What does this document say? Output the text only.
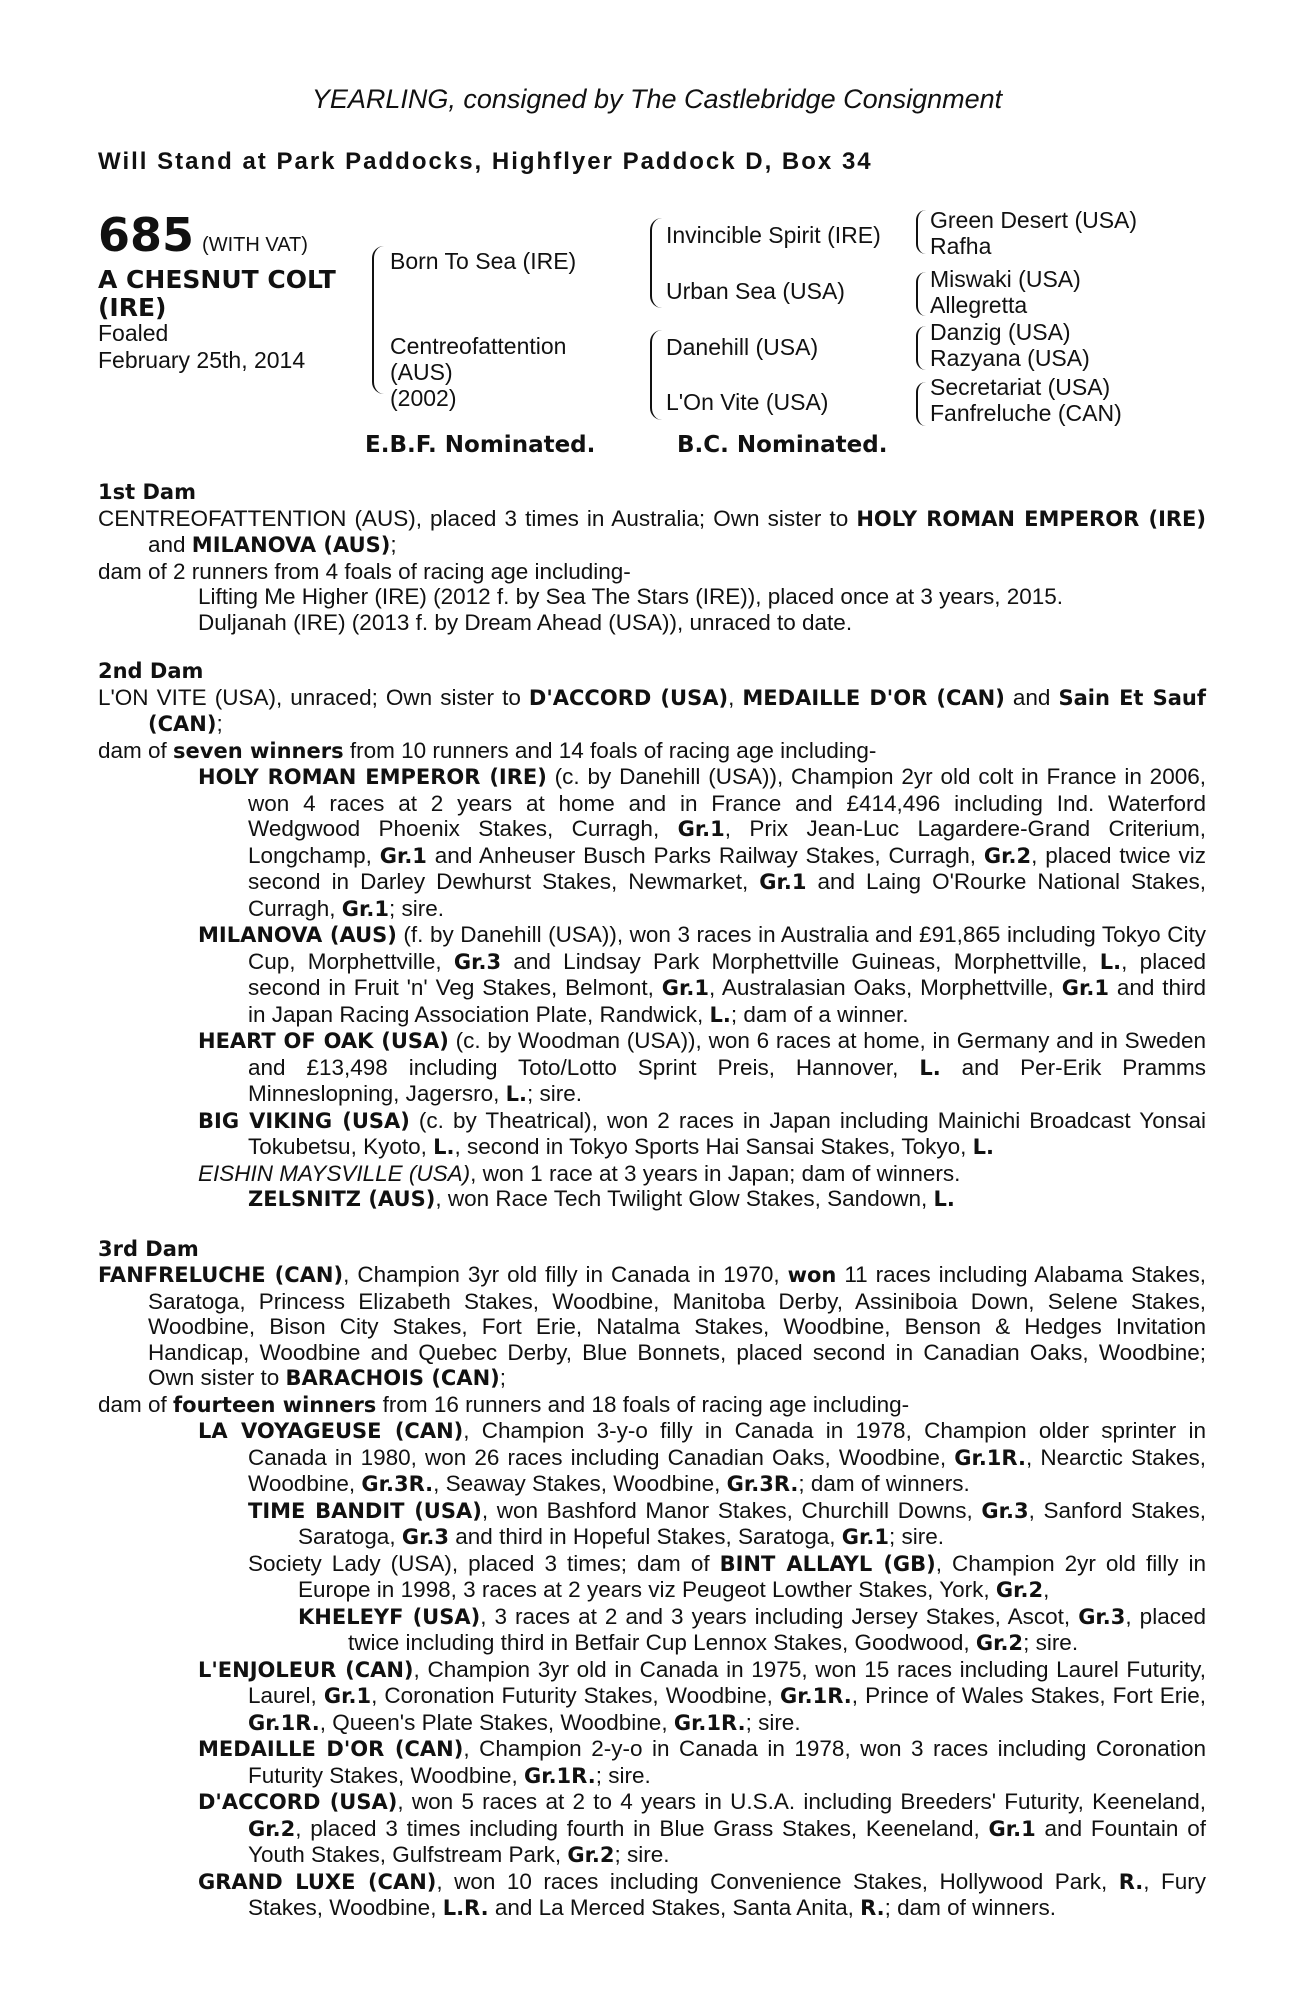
YEARLING, consigned by The Castlebridge Consignment
Will Stand at Park Paddocks, Highflyer Paddock D, Box 34
685 (WITH VAT)
A CHESNUT COLT
(IRE)
Foaled
February 25th, 2014
Born To Sea (IRE)
Centreofattention
(AUS)
(2002)
Invincible Spirit (IRE)
Urban Sea (USA)
Danehill (USA)
L'On Vite (USA)
Green Desert (USA)
Rafha
Miswaki (USA)
Allegretta
Danzig (USA)
Razyana (USA)
Secretariat (USA)
Fanfreluche (CAN)
E.B.F. Nominated.	B.C. Nominated.
1st Dam
CENTREOFATTENTION (AUS), placed 3 times in Australia; Own sister to HOLY ROMAN EMPEROR (IRE) and MILANOVA (AUS);
dam of 2 runners from 4 foals of racing age including-
Lifting Me Higher (IRE) (2012 f. by Sea The Stars (IRE)), placed once at 3 years, 2015.
Duljanah (IRE) (2013 f. by Dream Ahead (USA)), unraced to date.
2nd Dam
L'ON VITE (USA), unraced; Own sister to D'ACCORD (USA), MEDAILLE D'OR (CAN) and Sain Et Sauf (CAN);
dam of seven winners from 10 runners and 14 foals of racing age including-
HOLY ROMAN EMPEROR (IRE) (c. by Danehill (USA)), Champion 2yr old colt in France in 2006, won 4 races at 2 years at home and in France and £414,496 including Ind. Waterford Wedgwood Phoenix Stakes, Curragh, Gr.1, Prix Jean-Luc Lagardere-Grand Criterium, Longchamp, Gr.1 and Anheuser Busch Parks Railway Stakes, Curragh, Gr.2, placed twice viz second in Darley Dewhurst Stakes, Newmarket, Gr.1 and Laing O'Rourke National Stakes, Curragh, Gr.1; sire.
MILANOVA (AUS) (f. by Danehill (USA)), won 3 races in Australia and £91,865 including Tokyo City Cup, Morphettville, Gr.3 and Lindsay Park Morphettville Guineas, Morphettville, L., placed second in Fruit 'n' Veg Stakes, Belmont, Gr.1, Australasian Oaks, Morphettville, Gr.1 and third in Japan Racing Association Plate, Randwick, L.; dam of a winner.
HEART OF OAK (USA) (c. by Woodman (USA)), won 6 races at home, in Germany and in Sweden and £13,498 including Toto/Lotto Sprint Preis, Hannover, L. and Per-Erik Pramms Minneslopning, Jagersro, L.; sire.
BIG VIKING (USA) (c. by Theatrical), won 2 races in Japan including Mainichi Broadcast Yonsai Tokubetsu, Kyoto, L., second in Tokyo Sports Hai Sansai Stakes, Tokyo, L.
EISHIN MAYSVILLE (USA), won 1 race at 3 years in Japan; dam of winners.
ZELSNITZ (AUS), won Race Tech Twilight Glow Stakes, Sandown, L.
3rd Dam
FANFRELUCHE (CAN), Champion 3yr old filly in Canada in 1970, won 11 races including Alabama Stakes, Saratoga, Princess Elizabeth Stakes, Woodbine, Manitoba Derby, Assiniboia Down, Selene Stakes, Woodbine, Bison City Stakes, Fort Erie, Natalma Stakes, Woodbine, Benson & Hedges Invitation Handicap, Woodbine and Quebec Derby, Blue Bonnets, placed second in Canadian Oaks, Woodbine; Own sister to BARACHOIS (CAN);
dam of fourteen winners from 16 runners and 18 foals of racing age including-
LA VOYAGEUSE (CAN), Champion 3-y-o filly in Canada in 1978, Champion older sprinter in Canada in 1980, won 26 races including Canadian Oaks, Woodbine, Gr.1R., Nearctic Stakes, Woodbine, Gr.3R., Seaway Stakes, Woodbine, Gr.3R.; dam of winners.
TIME BANDIT (USA), won Bashford Manor Stakes, Churchill Downs, Gr.3, Sanford Stakes, Saratoga, Gr.3 and third in Hopeful Stakes, Saratoga, Gr.1; sire.
Society Lady (USA), placed 3 times; dam of BINT ALLAYL (GB), Champion 2yr old filly in Europe in 1998, 3 races at 2 years viz Peugeot Lowther Stakes, York, Gr.2,
KHELEYF (USA), 3 races at 2 and 3 years including Jersey Stakes, Ascot, Gr.3, placed twice including third in Betfair Cup Lennox Stakes, Goodwood, Gr.2; sire.
L'ENJOLEUR (CAN), Champion 3yr old in Canada in 1975, won 15 races including Laurel Futurity, Laurel, Gr.1, Coronation Futurity Stakes, Woodbine, Gr.1R., Prince of Wales Stakes, Fort Erie, Gr.1R., Queen's Plate Stakes, Woodbine, Gr.1R.; sire.
MEDAILLE D'OR (CAN), Champion 2-y-o in Canada in 1978, won 3 races including Coronation Futurity Stakes, Woodbine, Gr.1R.; sire.
D'ACCORD (USA), won 5 races at 2 to 4 years in U.S.A. including Breeders' Futurity, Keeneland, Gr.2, placed 3 times including fourth in Blue Grass Stakes, Keeneland, Gr.1 and Fountain of Youth Stakes, Gulfstream Park, Gr.2; sire.
GRAND LUXE (CAN), won 10 races including Convenience Stakes, Hollywood Park, R., Fury Stakes, Woodbine, L.R. and La Merced Stakes, Santa Anita, R.; dam of winners.
